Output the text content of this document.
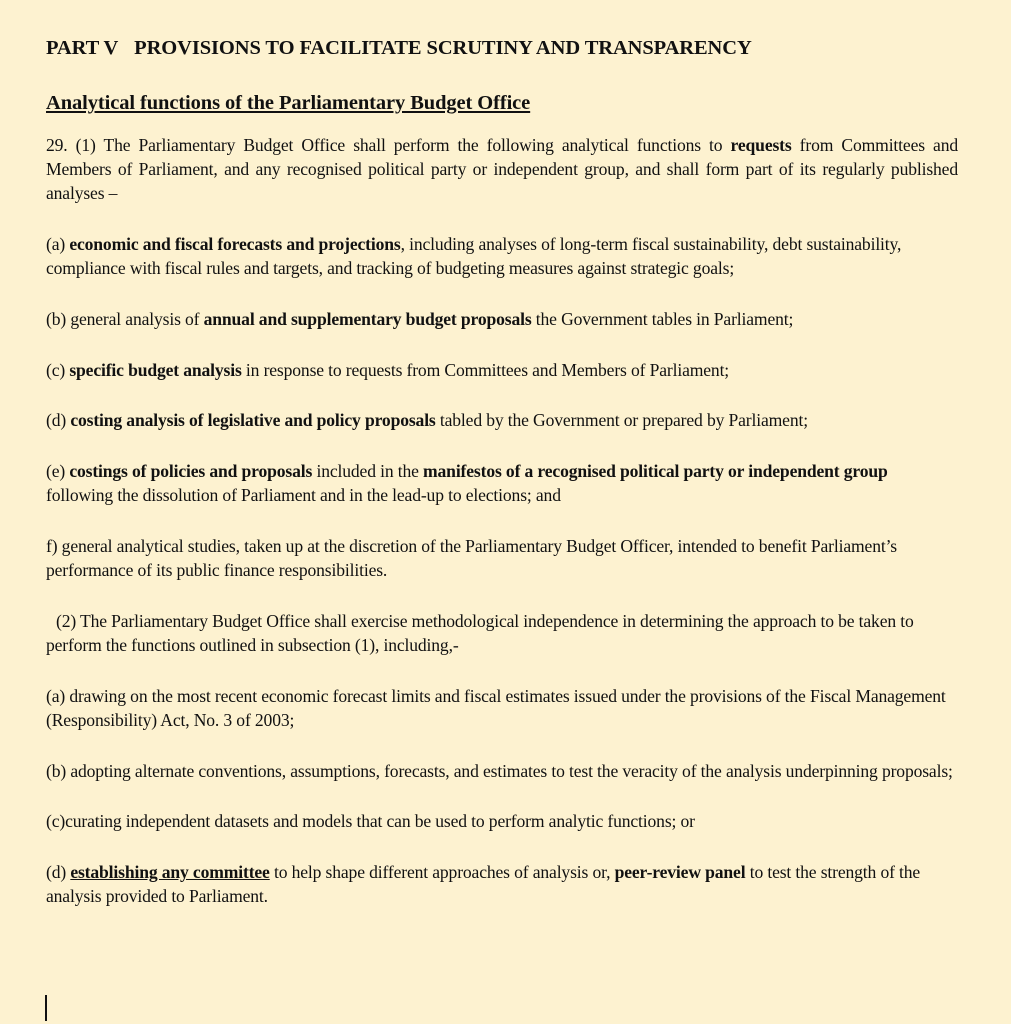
PART V PROVISIONS TO FACILITATE SCRUTINY AND TRANSPARENCY
Analytical functions of the Parliamentary Budget Office

29. (1) The Parliamentary Budget Office shall perform the following analytical functions to requests from Committees and Members of Parliament, and any recognised political party or independent group, and shall form part of its regularly published analyses –

(a) economic and fiscal forecasts and projections, including analyses of long-term fiscal sustainability, debt sustainability, compliance with fiscal rules and targets, and tracking of budgeting measures against strategic goals;

(b) general analysis of annual and supplementary budget proposals the Government tables in Parliament;

(c) specific budget analysis in response to requests from Committees and Members of Parliament;

(d) costing analysis of legislative and policy proposals tabled by the Government or prepared by Parliament;

(e) costings of policies and proposals included in the manifestos of a recognised political party or independent group following the dissolution of Parliament and in the lead-up to elections; and

f) general analytical studies, taken up at the discretion of the Parliamentary Budget Officer, intended to benefit Parliament’s performance of its public finance responsibilities.

(2) The Parliamentary Budget Office shall exercise methodological independence in determining the approach to be taken to perform the functions outlined in subsection (1), including,-

(a) drawing on the most recent economic forecast limits and fiscal estimates issued under the provisions of the Fiscal Management (Responsibility) Act, No. 3 of 2003;

(b) adopting alternate conventions, assumptions, forecasts, and estimates to test the veracity of the analysis underpinning proposals;

(c)curating independent datasets and models that can be used to perform analytic functions; or

(d) establishing any committee to help shape different approaches of analysis or, peer-review panel to test the strength of the analysis provided to Parliament.
